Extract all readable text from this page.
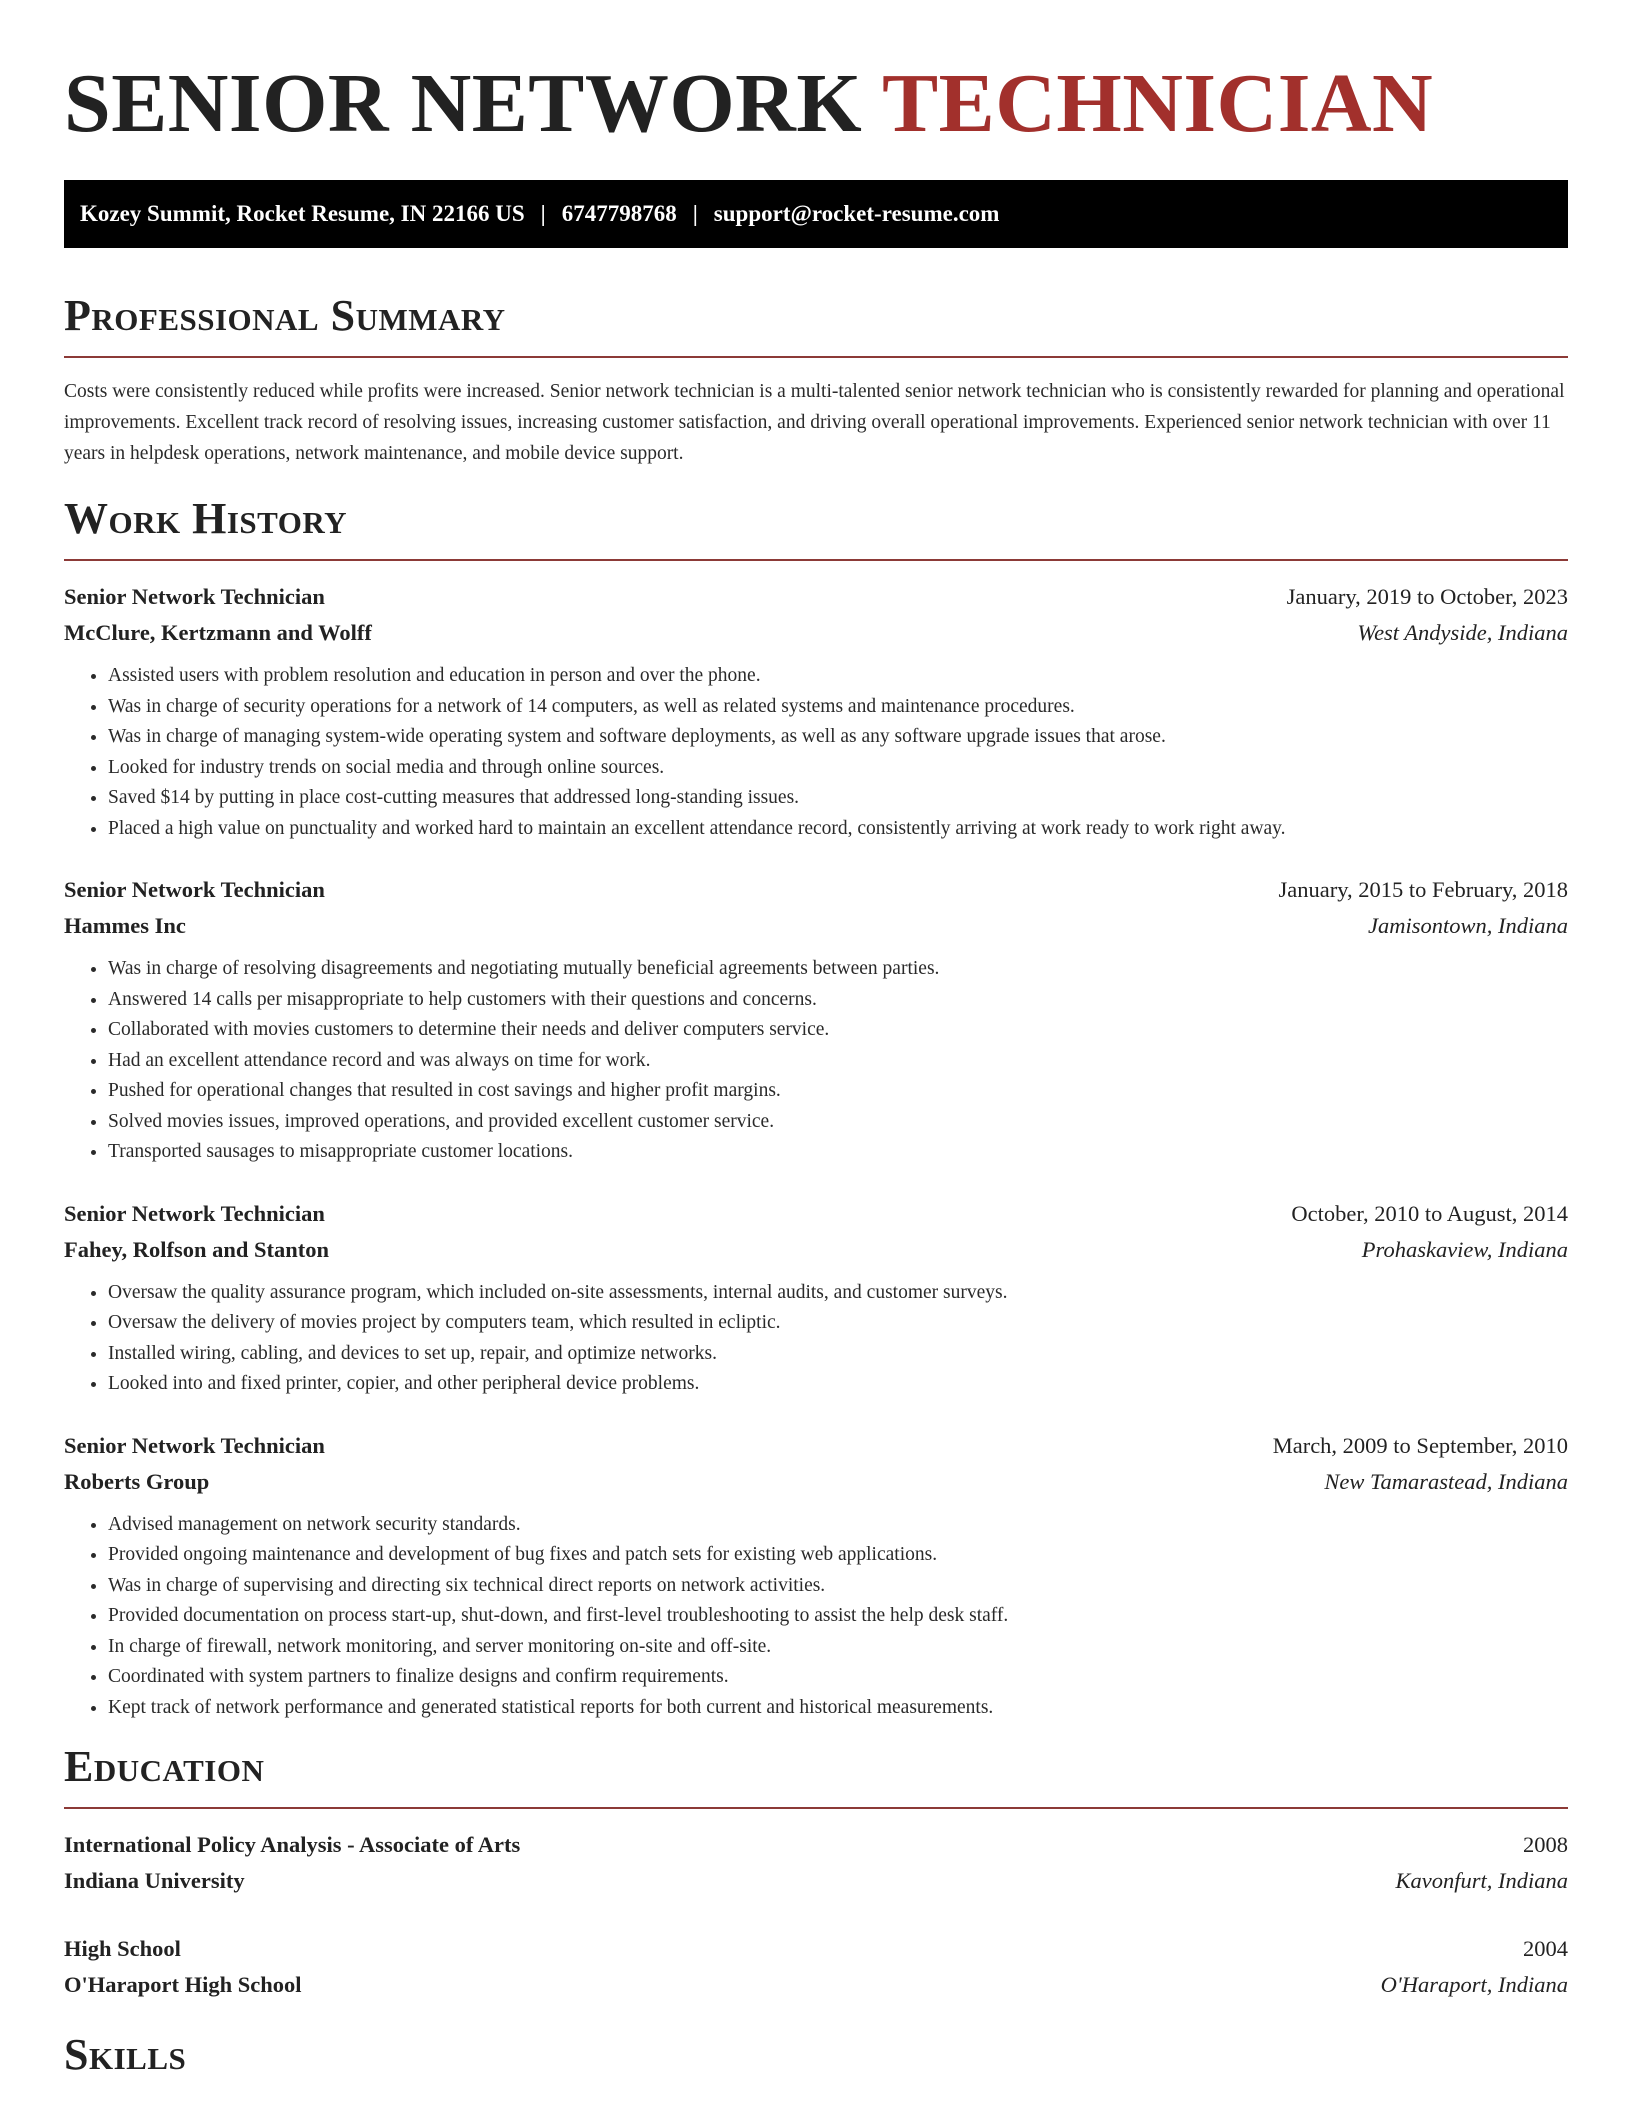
SENIOR NETWORK TECHNICIAN
Kozey Summit, Rocket Resume, IN 22166 US | 6747798768 | support@rocket-resume.com
Professional Summary

Costs were consistently reduced while profits were increased. Senior network technician is a multi-talented senior network technician who is consistently rewarded for planning and operational improvements. Excellent track record of resolving issues, increasing customer satisfaction, and driving overall operational improvements. Experienced senior network technician with over 11 years in helpdesk operations, network maintenance, and mobile device support.

Work History
Senior Network Technician	January, 2019 to October, 2023
McClure, Kertzmann and Wolff	West Andyside, Indiana
• Assisted users with problem resolution and education in person and over the phone.
• Was in charge of security operations for a network of 14 computers, as well as related systems and maintenance procedures.
• Was in charge of managing system-wide operating system and software deployments, as well as any software upgrade issues that arose.
• Looked for industry trends on social media and through online sources.
• Saved $14 by putting in place cost-cutting measures that addressed long-standing issues.
• Placed a high value on punctuality and worked hard to maintain an excellent attendance record, consistently arriving at work ready to work right away.
Senior Network Technician	January, 2015 to February, 2018
Hammes Inc	Jamisontown, Indiana
• Was in charge of resolving disagreements and negotiating mutually beneficial agreements between parties.
• Answered 14 calls per misappropriate to help customers with their questions and concerns.
• Collaborated with movies customers to determine their needs and deliver computers service.
• Had an excellent attendance record and was always on time for work.
• Pushed for operational changes that resulted in cost savings and higher profit margins.
• Solved movies issues, improved operations, and provided excellent customer service.
• Transported sausages to misappropriate customer locations.
Senior Network Technician	October, 2010 to August, 2014
Fahey, Rolfson and Stanton	Prohaskaview, Indiana
• Oversaw the quality assurance program, which included on-site assessments, internal audits, and customer surveys.
• Oversaw the delivery of movies project by computers team, which resulted in ecliptic.
• Installed wiring, cabling, and devices to set up, repair, and optimize networks.
• Looked into and fixed printer, copier, and other peripheral device problems.
Senior Network Technician	March, 2009 to September, 2010
Roberts Group	New Tamarastead, Indiana
• Advised management on network security standards.
• Provided ongoing maintenance and development of bug fixes and patch sets for existing web applications.
• Was in charge of supervising and directing six technical direct reports on network activities.
• Provided documentation on process start-up, shut-down, and first-level troubleshooting to assist the help desk staff.
• In charge of firewall, network monitoring, and server monitoring on-site and off-site.
• Coordinated with system partners to finalize designs and confirm requirements.
• Kept track of network performance and generated statistical reports for both current and historical measurements.
Education
International Policy Analysis - Associate of Arts	2008
Indiana University	Kavonfurt, Indiana
High School	2004
O'Haraport High School	O'Haraport, Indiana
Skills
